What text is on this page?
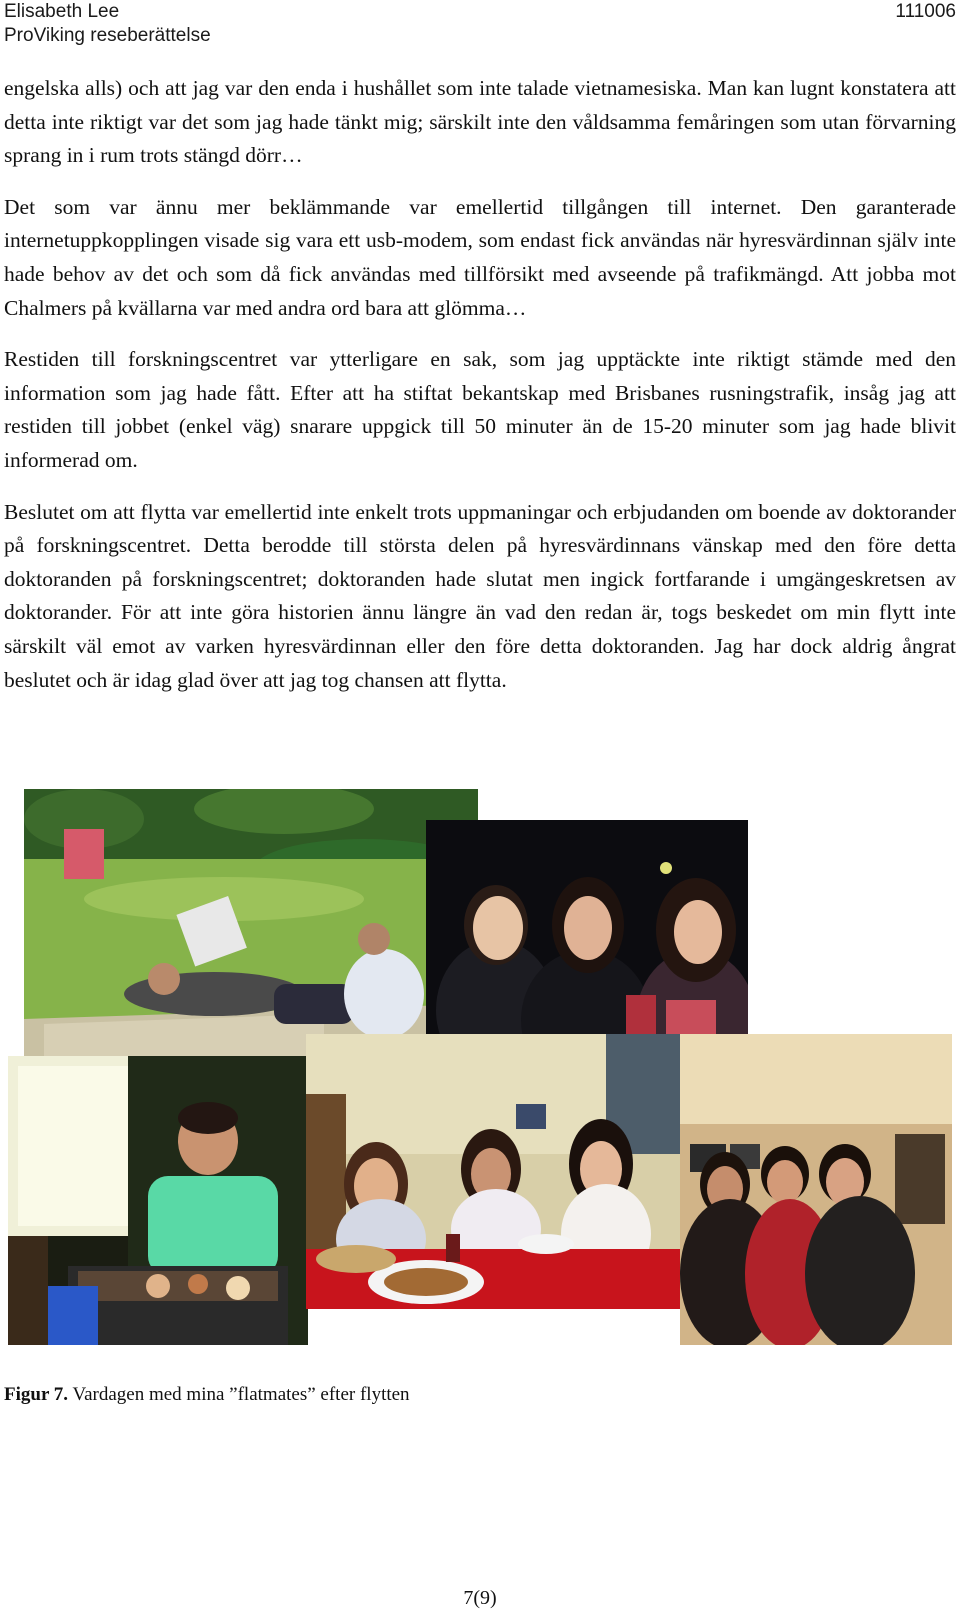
Elisabeth Lee
ProViking reseberättelse
111006

engelska alls) och att jag var den enda i hushållet som inte talade vietnamesiska. Man kan lugnt konstatera att detta inte riktigt var det som jag hade tänkt mig; särskilt inte den våldsamma femåringen som utan förvarning sprang in i rum trots stängd dörr…

Det som var ännu mer beklämmande var emellertid tillgången till internet. Den garanterade internetuppkopplingen visade sig vara ett usb-modem, som endast fick användas när hyresvärdinnan själv inte hade behov av det och som då fick användas med tillförsikt med avseende på trafikmängd. Att jobba mot Chalmers på kvällarna var med andra ord bara att glömma…

Restiden till forskningscentret var ytterligare en sak, som jag upptäckte inte riktigt stämde med den information som jag hade fått. Efter att ha stiftat bekantskap med Brisbanes rusningstrafik, insåg jag att restiden till jobbet (enkel väg) snarare uppgick till 50 minuter än de 15-20 minuter som jag hade blivit informerad om.

Beslutet om att flytta var emellertid inte enkelt trots uppmaningar och erbjudanden om boende av doktorander på forskningscentret. Detta berodde till största delen på hyresvärdinnans vänskap med den före detta doktoranden på forskningscentret; doktoranden hade slutat men ingick fortfarande i umgängeskretsen av doktorander. För att inte göra historien ännu längre än vad den redan är, togs beskedet om min flytt inte särskilt väl emot av varken hyresvärdinnan eller den före detta doktoranden. Jag har dock aldrig ångrat beslutet och är idag glad över att jag tog chansen att flytta.

Figur 7. Vardagen med mina ”flatmates” efter flytten
7(9)
